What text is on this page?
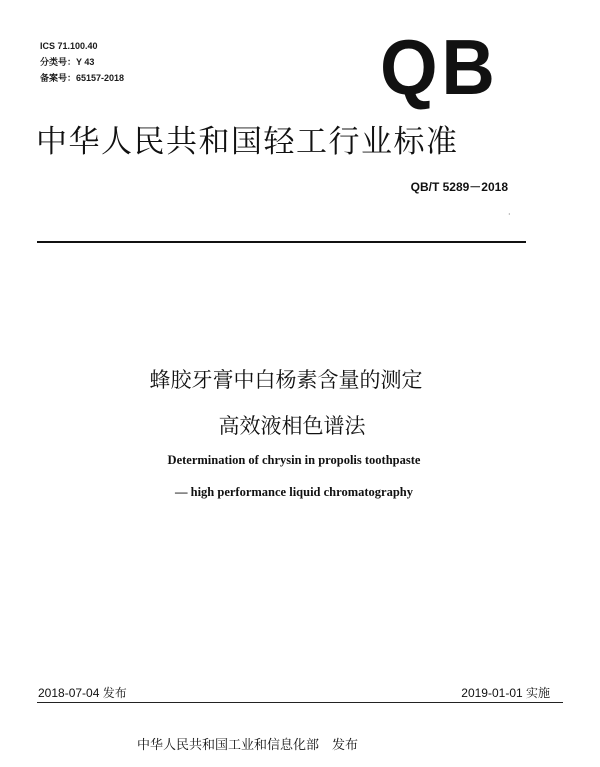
ICS 71.100.40
分类号：Y 43
备案号：65157-2018	QB
中华人民共和国轻工行业标准
QB/T 5289－2018
·
蜂胶牙膏中白杨素含量的测定
高效液相色谱法
Determination of chrysin in propolis toothpaste
— high performance liquid chromatography
2018-07-04 发布	2019-01-01 实施
中华人民共和国工业和信息化部　发布
